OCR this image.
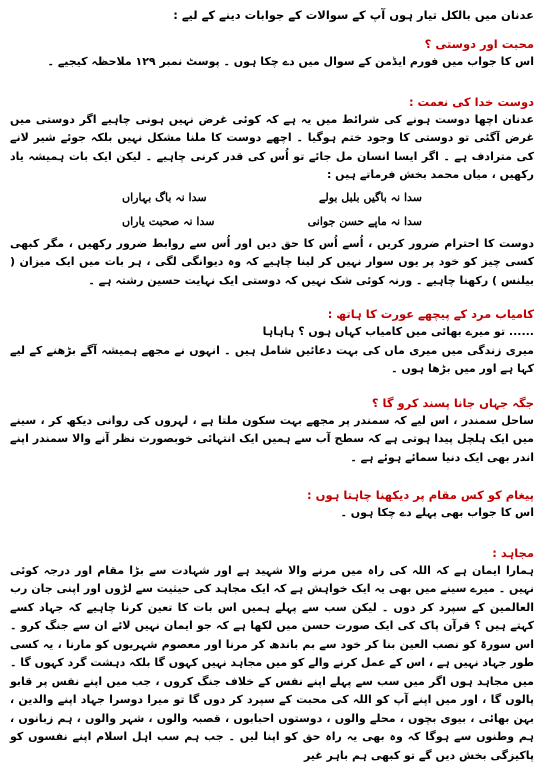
عدنان میں بالکل تیار ہوں آپ کے سوالات کے جوابات دینے کے لیے :

محبت اور دوستی ؟

اس کا جواب میں فورم ایڈمن کے سوال میں دے چکا ہوں ۔ پوسٹ نمبر ۱۲۹ ملاحظہ کیجیے ۔

دوست خدا کی نعمت :

عدنان اچھا دوست ہونے کی شرائط میں یہ ہے کہ کوئی غرض نہیں ہونی چاہیے اگر دوستی میں غرض آگئی تو دوستی کا وجود ختم ہوگیا ۔ اچھے دوست کا ملنا مشکل نہیں بلکہ جوئے شیر لانے کی مترادف ہے ۔ اگر ایسا انسان مل جائے تو اُس کی قدر کرنی چاہیے ۔ لیکن ایک بات ہمیشہ یاد رکھیں ، میاں محمد بخش فرماتے ہیں :

سدا نہ باگیں بلبل بولے
سدا نہ باگ بہاراں
سدا نہ ماپے حسن جوانی
سدا نہ صحبت یاراں

دوست کا احترام ضرور کریں ، اُسے اُس کا حق دیں اور اُس سے روابط ضرور رکھیں ، مگر کبھی کسی چیز کو خود پر یوں سوار نہیں کر لینا چاہیے کہ وہ دیوانگی لگی ، ہر بات میں ایک میزان ( بیلنس ) رکھنا چاہیے ۔ ورنہ کوئی شک نہیں کہ دوستی ایک نہایت حسین رشتہ ہے ۔

کامیاب مرد کے پیچھے عورت کا ہاتھ :

...... تو میرے بھائی میں کامیاب کہاں ہوں ؟ ہاہاہا

میری زندگی میں میری ماں کی بہت دعائیں شامل ہیں ۔ انہوں نے مجھے ہمیشہ آگے بڑھنے کے لیے کہا ہے اور میں بڑھا ہوں ۔

جگہ جہاں جانا پسند کرو گا ؟

ساحل سمندر ، اس لیے کہ سمندر پر مجھے بہت سکون ملتا ہے ، لہروں کی روانی دیکھ کر ، سینے میں ایک ہلچل پیدا ہوتی ہے کہ سطح آب سے ہمیں ایک انتہائی خوبصورت نظر آنے والا سمندر اپنے اندر بھی ایک دنیا سمائے ہوئے ہے ۔

پیغام کو کس مقام پر دیکھنا چاہتا ہوں :

اس کا جواب بھی پہلے دے چکا ہوں ۔

مجاہد :

ہمارا ایمان ہے کہ اللہ کی راہ میں مرنے والا شہید ہے اور شہادت سے بڑا مقام اور درجہ کوئی نہیں ۔ میرے سینے میں بھی یہ ایک خواہش ہے کہ ایک مجاہد کی حیثیت سے لڑوں اور اپنی جان رب العالمین کے سپرد کر دوں ۔ لیکن سب سے پہلے ہمیں اس بات کا تعین کرنا چاہیے کہ جہاد کسے کہتے ہیں ؟ قرآن پاک کی ایک صورت حسن میں لکھا ہے کہ جو ایمان نہیں لائے ان سے جنگ کرو ۔ اس سورۃ کو نصب العین بنا کر خود سے بم باندھ کر مرنا اور معصوم شہریوں کو مارنا ، یہ کسی طور جہاد نہیں ہے ، اس کے عمل کرنے والے کو میں مجاہد نہیں کہوں گا بلکہ دہشت گرد کہوں گا ۔ میں مجاہد ہوں اگر میں سب سے پہلے اپنے نفس کے خلاف جنگ کروں ، جب میں اپنے نفس پر قابو پالوں گا ، اور میں اپنے آپ کو اللہ کی محبت کے سپرد کر دوں گا تو میرا دوسرا جہاد اپنے والدین ، بہن بھائی ، بیوی بچوں ، محلے والوں ، دوستوں احبابوں ، قصبہ والوں ، شہر والوں ، ہم زبانوں ، ہم وطنوں سے ہوگا کہ وہ بھی یہ راہ حق کو اپنا لیں ۔ جب ہم سب اہل اسلام اپنے نفسوں کو پاکیزگی بخش دیں گے تو کبھی ہم باہر غیر
